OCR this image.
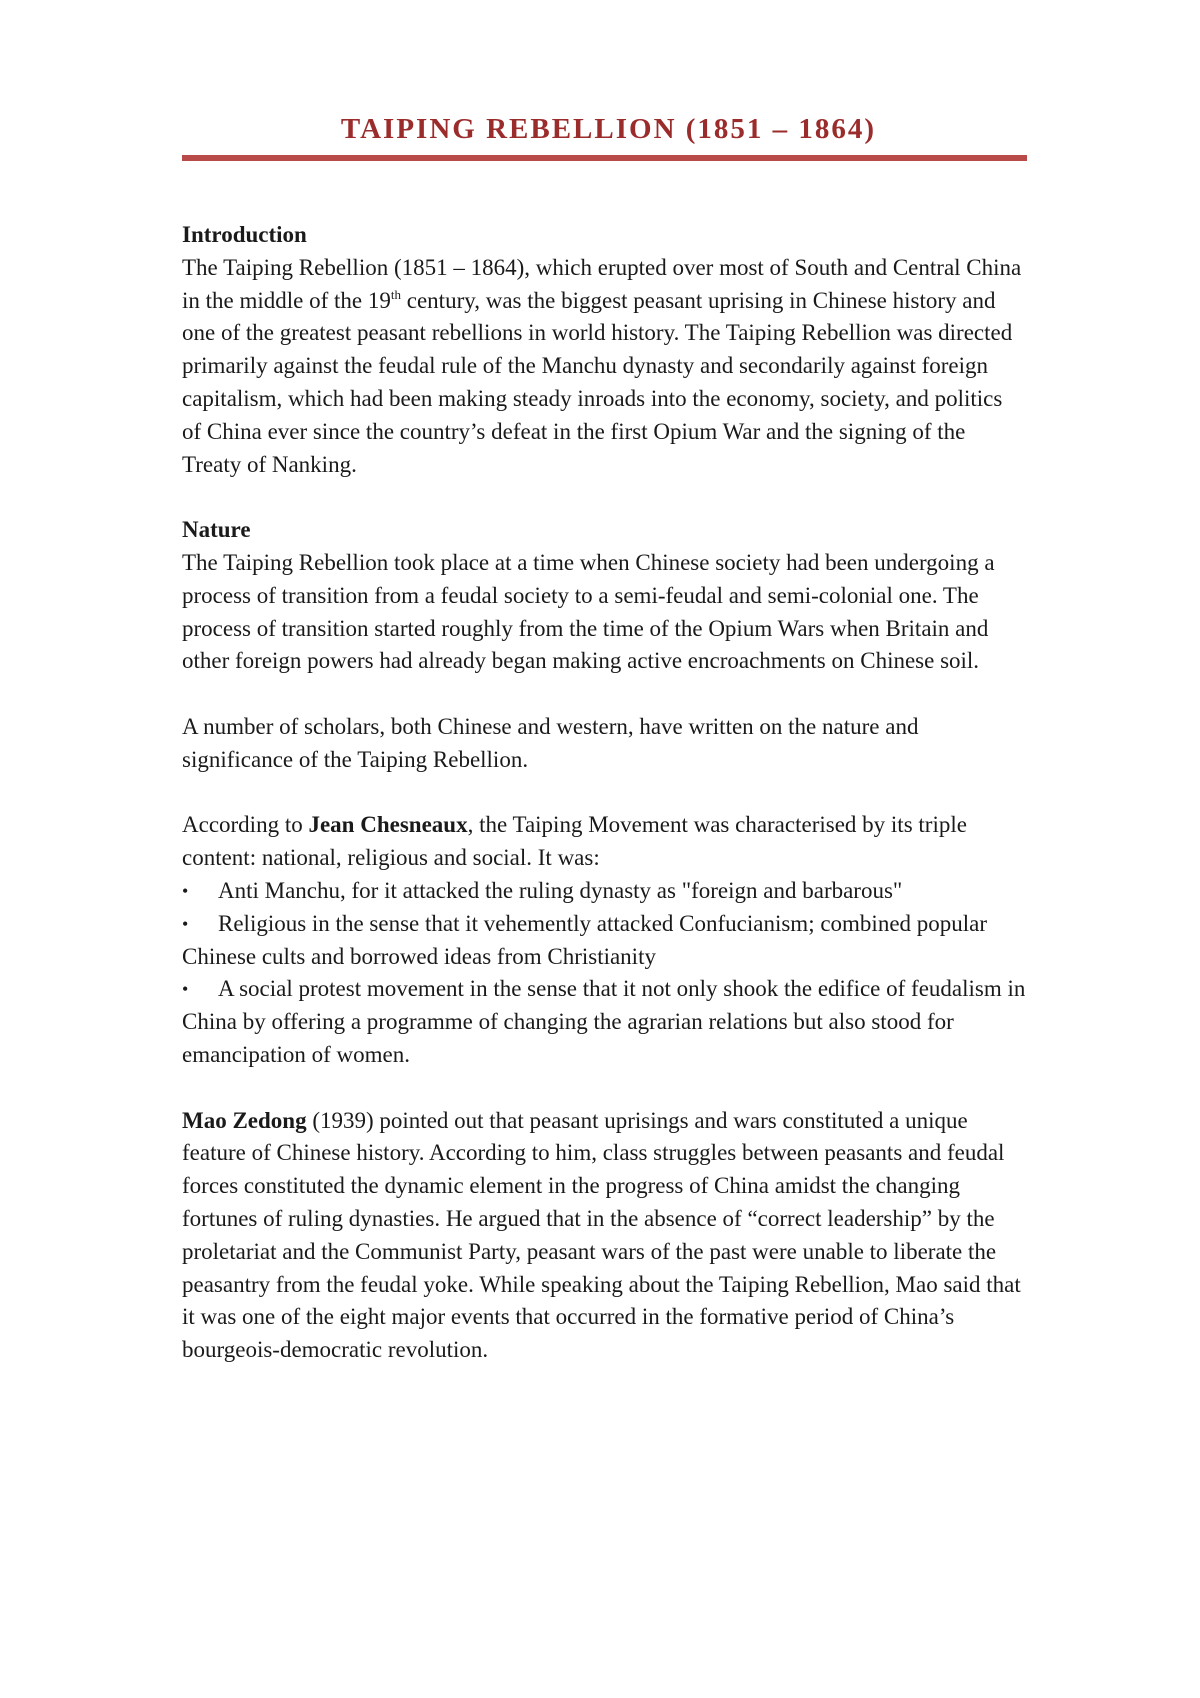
TAIPING REBELLION (1851 – 1864)

Introduction

The Taiping Rebellion (1851 – 1864), which erupted over most of South and Central China in the middle of the 19th century, was the biggest peasant uprising in Chinese history and one of the greatest peasant rebellions in world history. The Taiping Rebellion was directed primarily against the feudal rule of the Manchu dynasty and secondarily against foreign capitalism, which had been making steady inroads into the economy, society, and politics of China ever since the country’s defeat in the first Opium War and the signing of the Treaty of Nanking.

Nature

The Taiping Rebellion took place at a time when Chinese society had been undergoing a process of transition from a feudal society to a semi-feudal and semi-colonial one. The process of transition started roughly from the time of the Opium Wars when Britain and other foreign powers had already began making active encroachments on Chinese soil.

A number of scholars, both Chinese and western, have written on the nature and significance of the Taiping Rebellion.

According to Jean Chesneaux, the Taiping Movement was characterised by its triple content: national, religious and social. It was:

• Anti Manchu, for it attacked the ruling dynasty as "foreign and barbarous"
• Religious in the sense that it vehemently attacked Confucianism; combined popular Chinese cults and borrowed ideas from Christianity
• A social protest movement in the sense that it not only shook the edifice of feudalism in China by offering a programme of changing the agrarian relations but also stood for emancipation of women.

Mao Zedong (1939) pointed out that peasant uprisings and wars constituted a unique feature of Chinese history. According to him, class struggles between peasants and feudal forces constituted the dynamic element in the progress of China amidst the changing fortunes of ruling dynasties. He argued that in the absence of “correct leadership” by the proletariat and the Communist Party, peasant wars of the past were unable to liberate the peasantry from the feudal yoke. While speaking about the Taiping Rebellion, Mao said that it was one of the eight major events that occurred in the formative period of China’s bourgeois-democratic revolution.
